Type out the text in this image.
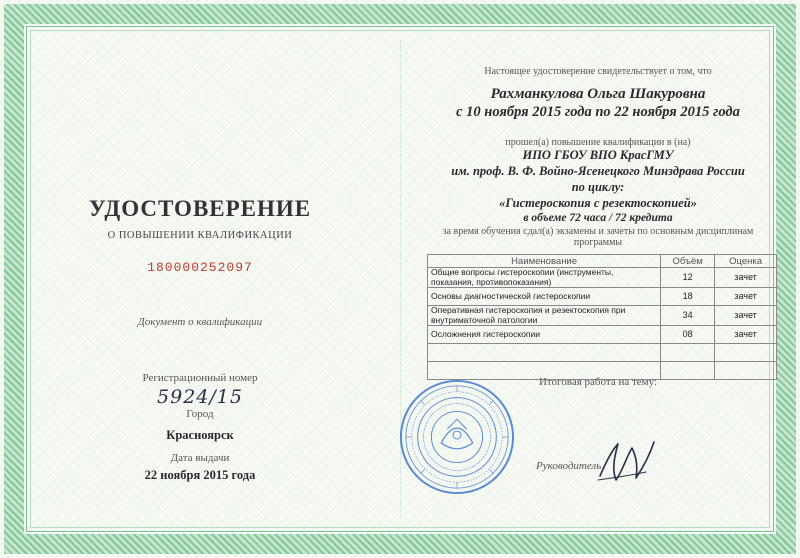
УДОСТОВЕРЕНИЕ
О ПОВЫШЕНИИ КВАЛИФИКАЦИИ
180000252097
Документ о квалификации
Регистрационный номер
5924/15
Город
Красноярск
Дата выдачи
22 ноября 2015 года
Настоящее удостоверение свидетельствует о том, что
Рахманкулова Ольга Шакуровна
с 10 ноября 2015 года по 22 ноября 2015 года
прошел(а) повышение квалификации в (на)
ИПО ГБОУ ВПО КрасГМУ
им. проф. В. Ф. Войно-Ясенецкого Минздрава России
по циклу:
«Гистероскопия с резектоскопией»
в объеме 72 часа / 72 кредита
за время обучения сдал(а) экзамены и зачеты по основным дисциплинам программы
Наименование	Объём	Оценка
Общие вопросы гистероскопии (инструменты, показания, противопоказания)	12	зачет
Основы диагностической гистероскопии	18	зачет
Оперативная гистероскопия и резектоскопия при внутриматочной патологии	34	зачет
Осложнения гистероскопии	08	зачет

Итоговая работа на тему:
Руководитель
